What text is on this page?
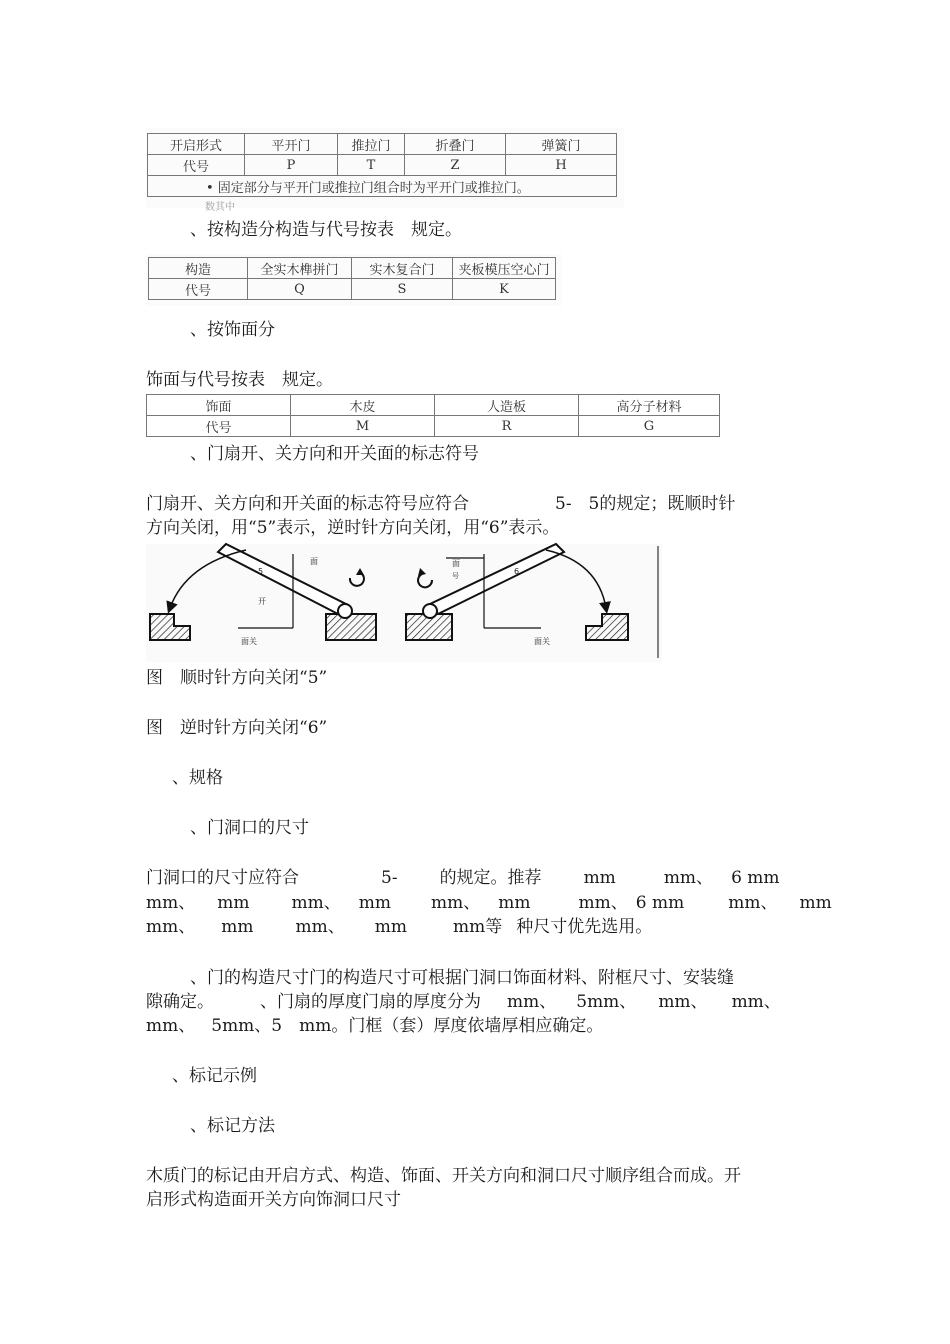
开启形式	平开门	推拉门	折叠门	弹簧门
代号	P	T	Z	H
• 固定部分与平开门或推拉门组合时为平开门或推拉门。				
、按构造分构造与代号按表　规定。
构造	全实木榫拼门	实木复合门	夹板模压空心门
代号	Q	S	K
、按饰面分
饰面与代号按表　规定。
饰面	木皮	人造板	高分子材料
代号	M	R	G
、门扇开、关方向和开关面的标志符号
门扇开、关方向和开关面的标志符号应符合	5-　5的规定；既顺时针
方向关闭，用“5”表示，逆时针方向关闭，用“6”表示。
5
开
面
面关
6
面
号
面关
图　顺时针方向关闭“5”
图　逆时针方向关闭“6”
、规格
、门洞口的尺寸
门洞口的尺寸应符合	5- 的规定。推荐 mm	mm、 6 mm
mm、 mm mm、 mm mm、 mm	mm、 6 mm	mm、 mm
mm、 mm mm、 mm	mm等 种尺寸优先选用。
、门的构造尺寸门的构造尺寸可根据门洞口饰面材料、附框尺寸、安装缝
隙确定。	、门扇的厚度门扇的厚度分为 mm、 5mm、 mm、 mm、
mm、 5mm、5　mm。门框（套）厚度依墙厚相应确定。
、标记示例
、标记方法
木质门的标记由开启方式、构造、饰面、开关方向和洞口尺寸顺序组合而成。开
启形式构造面开关方向饰洞口尺寸
